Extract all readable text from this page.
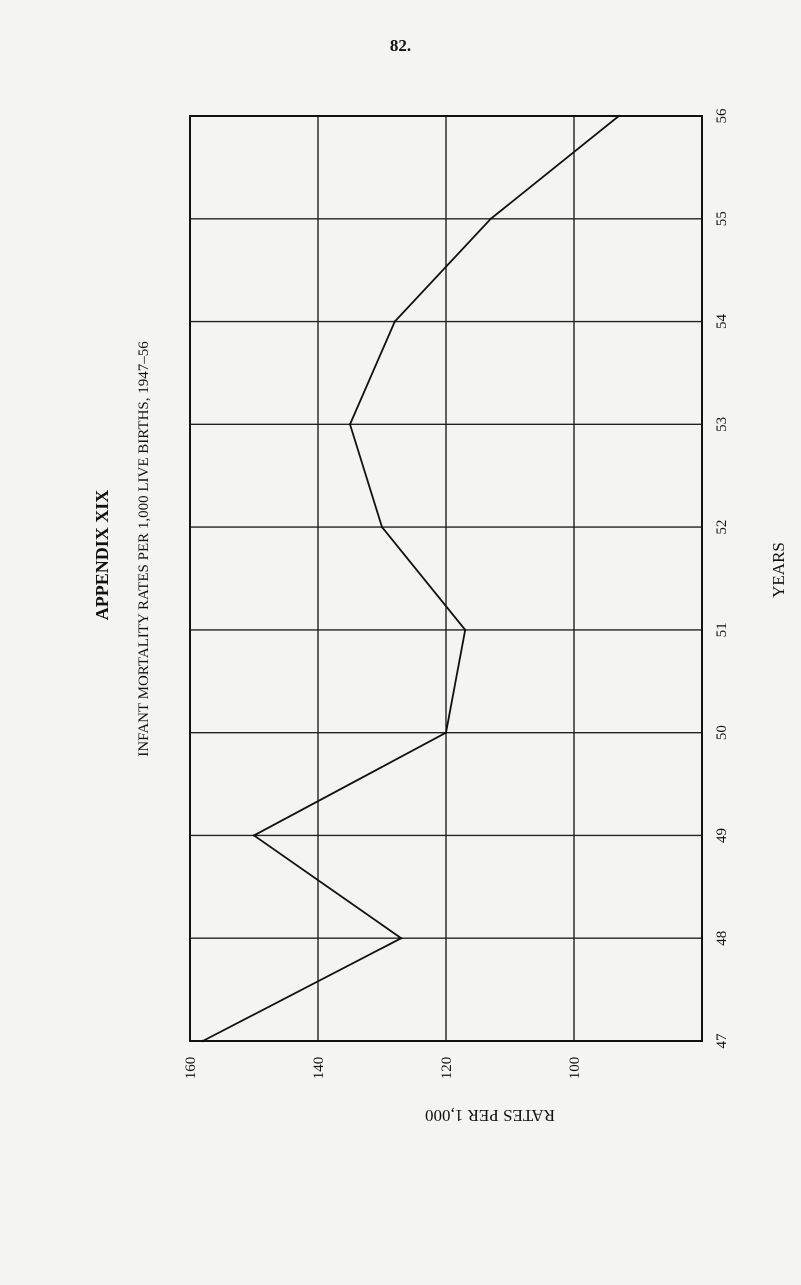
82.
47
48
49
50
51
52
53
54
55
56
160	140	120	100
APPENDIX XIX INFANT MORTALITY RATES PER 1,000 LIVE BIRTHS, 1947–56	YEARS
RATES PER 1,000
